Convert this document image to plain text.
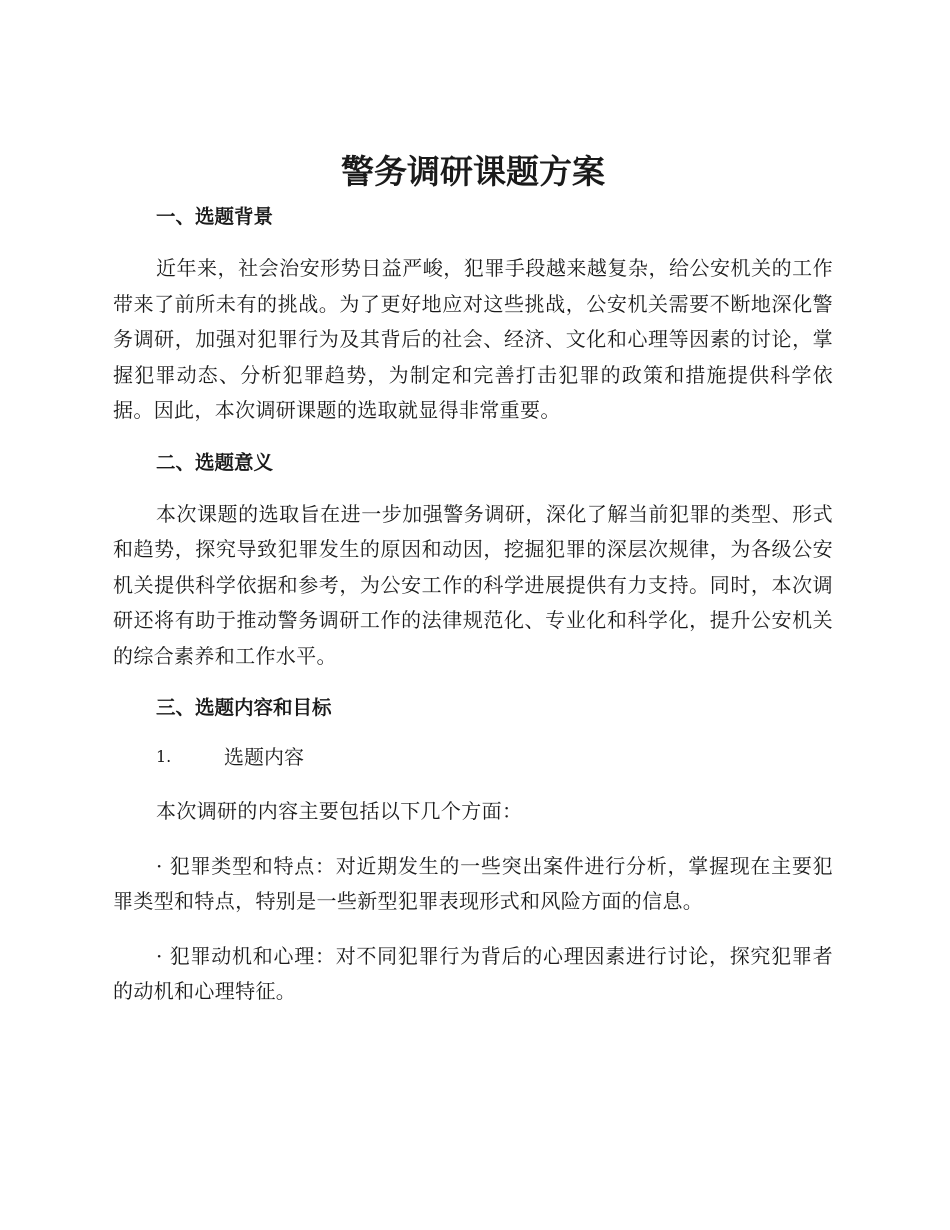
警务调研课题方案
一、选题背景

近年来，社会治安形势日益严峻，犯罪手段越来越复杂，给公安机关的工作带来了前所未有的挑战。为了更好地应对这些挑战，公安机关需要不断地深化警务调研，加强对犯罪行为及其背后的社会、经济、文化和心理等因素的讨论，掌握犯罪动态、分析犯罪趋势，为制定和完善打击犯罪的政策和措施提供科学依据。因此，本次调研课题的选取就显得非常重要。

二、选题意义

本次课题的选取旨在进一步加强警务调研，深化了解当前犯罪的类型、形式和趋势，探究导致犯罪发生的原因和动因，挖掘犯罪的深层次规律，为各级公安机关提供科学依据和参考，为公安工作的科学进展提供有力支持。同时，本次调研还将有助于推动警务调研工作的法律规范化、专业化和科学化，提升公安机关的综合素养和工作水平。

三、选题内容和目标
1.	选题内容

本次调研的内容主要包括以下几个方面：

· 犯罪类型和特点：对近期发生的一些突出案件进行分析，掌握现在主要犯罪类型和特点，特别是一些新型犯罪表现形式和风险方面的信息。

· 犯罪动机和心理：对不同犯罪行为背后的心理因素进行讨论，探究犯罪者的动机和心理特征。
